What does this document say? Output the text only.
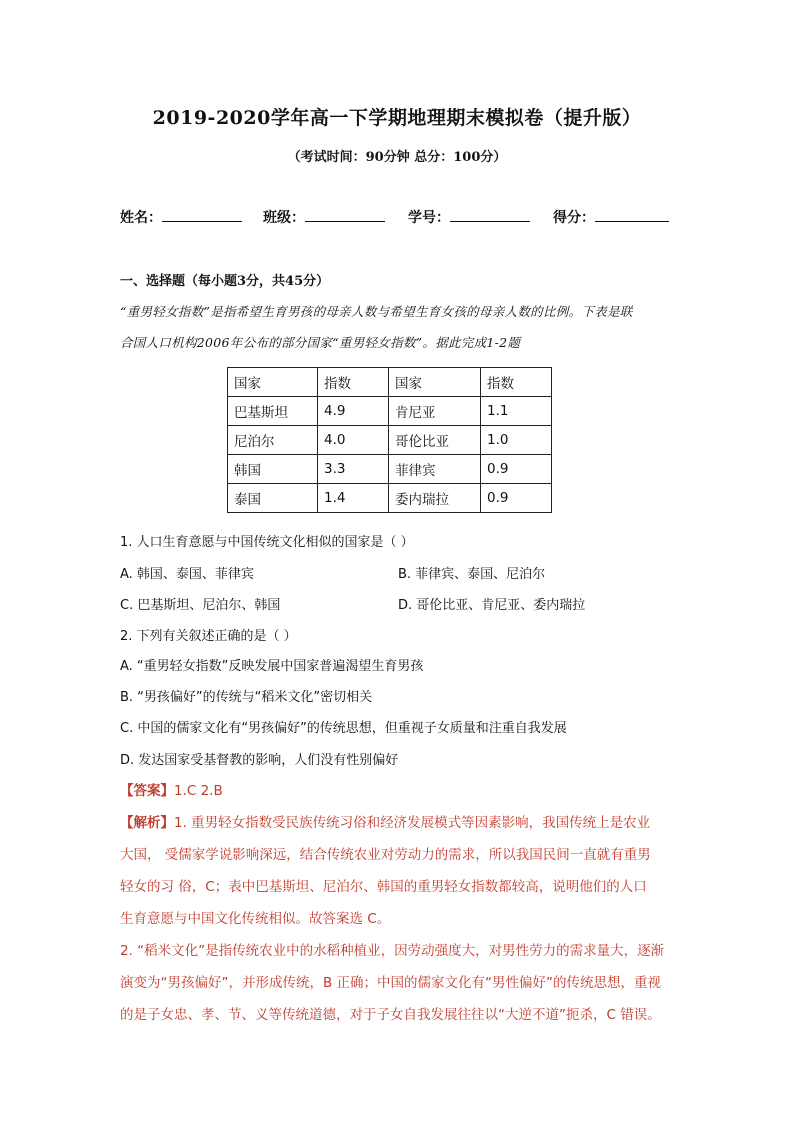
2019-2020学年高一下学期地理期末模拟卷（提升版）
（考试时间：90分钟 总分：100分）
姓名：	班级：	学号：	得分：
一、选择题（每小题3分，共45分）
“重男轻女指数”是指希望生育男孩的母亲人数与希望生育女孩的母亲人数的比例。下表是联
合国人口机构2006年公布的部分国家“重男轻女指数”。据此完成1-2题
国家	指数	国家	指数
巴基斯坦	4.9	肯尼亚	1.1
尼泊尔	4.0	哥伦比亚	1.0
韩国	3.3	菲律宾	0.9
泰国	1.4	委内瑞拉	0.9
1. 人口生育意愿与中国传统文化相似的国家是（ ）
A. 韩国、泰国、菲律宾	B. 菲律宾、泰国、尼泊尔
C. 巴基斯坦、尼泊尔、韩国	D. 哥伦比亚、肯尼亚、委内瑞拉
2. 下列有关叙述正确的是（ ）
A. “重男轻女指数”反映发展中国家普遍渴望生育男孩
B. “男孩偏好”的传统与“稻米文化”密切相关
C. 中国的儒家文化有“男孩偏好”的传统思想，但重视子女质量和注重自我发展
D. 发达国家受基督教的影响，人们没有性别偏好
【答案】1.C 2.B
【解析】1. 重男轻女指数受民族传统习俗和经济发展模式等因素影响，我国传统上是农业
大国， 受儒家学说影响深远，结合传统农业对劳动力的需求，所以我国民间一直就有重男
轻女的习 俗，C；表中巴基斯坦、尼泊尔、韩国的重男轻女指数都较高，说明他们的人口
生育意愿与中国文化传统相似。故答案选 C。
2. “稻米文化”是指传统农业中的水稻种植业，因劳动强度大，对男性劳力的需求量大，逐渐
演变为“男孩偏好”，并形成传统，B 正确；中国的儒家文化有“男性偏好”的传统思想，重视
的是子女忠、孝、节、义等传统道德，对于子女自我发展往往以“大逆不道”扼杀，C 错误。
